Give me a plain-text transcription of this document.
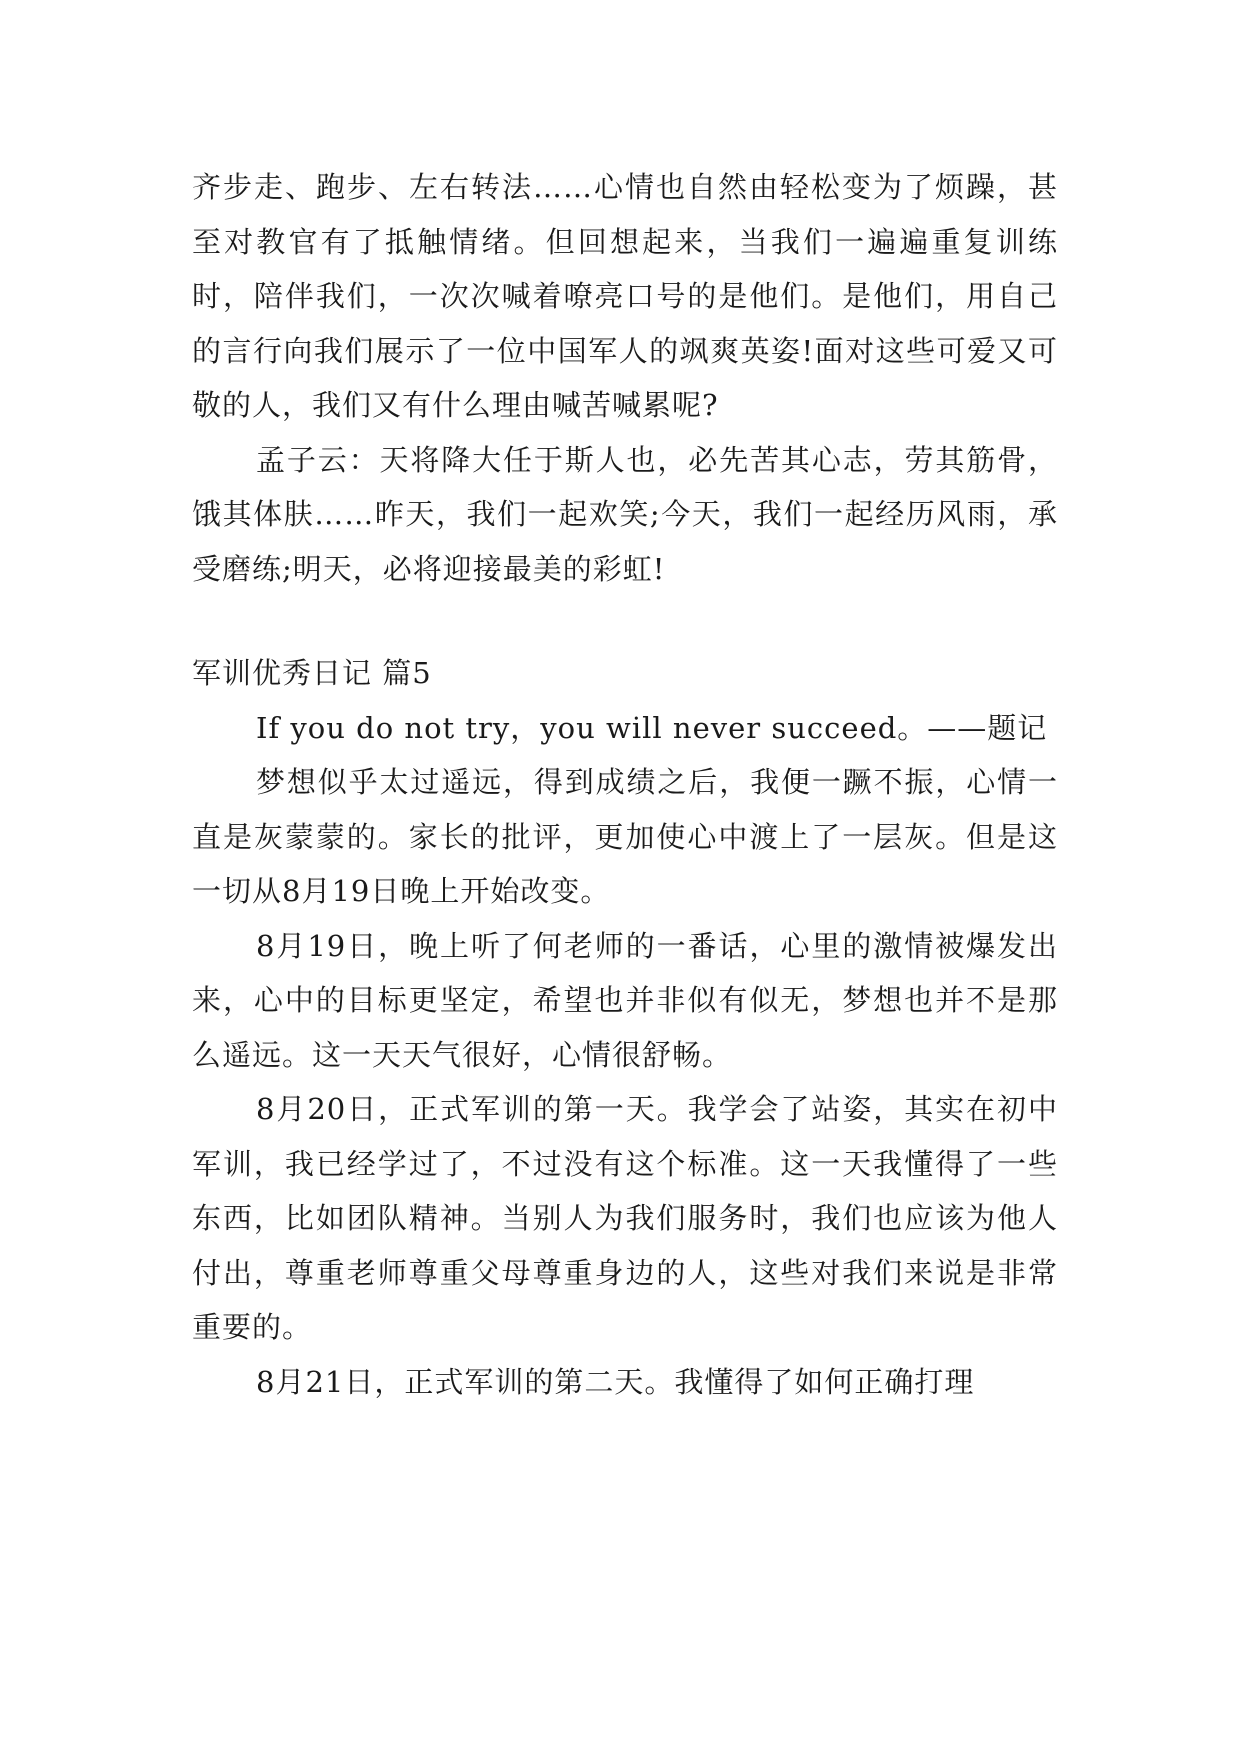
齐步走、跑步、左右转法……心情也自然由轻松变为了烦躁，甚至对教官有了抵触情绪。但回想起来，当我们一遍遍重复训练时，陪伴我们，一次次喊着嘹亮口号的是他们。是他们，用自己的言行向我们展示了一位中国军人的飒爽英姿!面对这些可爱又可敬的人，我们又有什么理由喊苦喊累呢?

孟子云：天将降大任于斯人也，必先苦其心志，劳其筋骨，饿其体肤……昨天，我们一起欢笑;今天，我们一起经历风雨，承受磨练;明天，必将迎接最美的彩虹!

军训优秀日记 篇5

If you do not try，you will never succeed。——题记

梦想似乎太过遥远，得到成绩之后，我便一蹶不振，心情一直是灰蒙蒙的。家长的批评，更加使心中渡上了一层灰。但是这一切从8月19日晚上开始改变。

8月19日，晚上听了何老师的一番话，心里的激情被爆发出来，心中的目标更坚定，希望也并非似有似无，梦想也并不是那么遥远。这一天天气很好，心情很舒畅。

8月20日，正式军训的第一天。我学会了站姿，其实在初中军训，我已经学过了，不过没有这个标准。这一天我懂得了一些东西，比如团队精神。当别人为我们服务时，我们也应该为他人付出，尊重老师尊重父母尊重身边的人，这些对我们来说是非常重要的。

8月21日，正式军训的第二天。我懂得了如何正确打理
